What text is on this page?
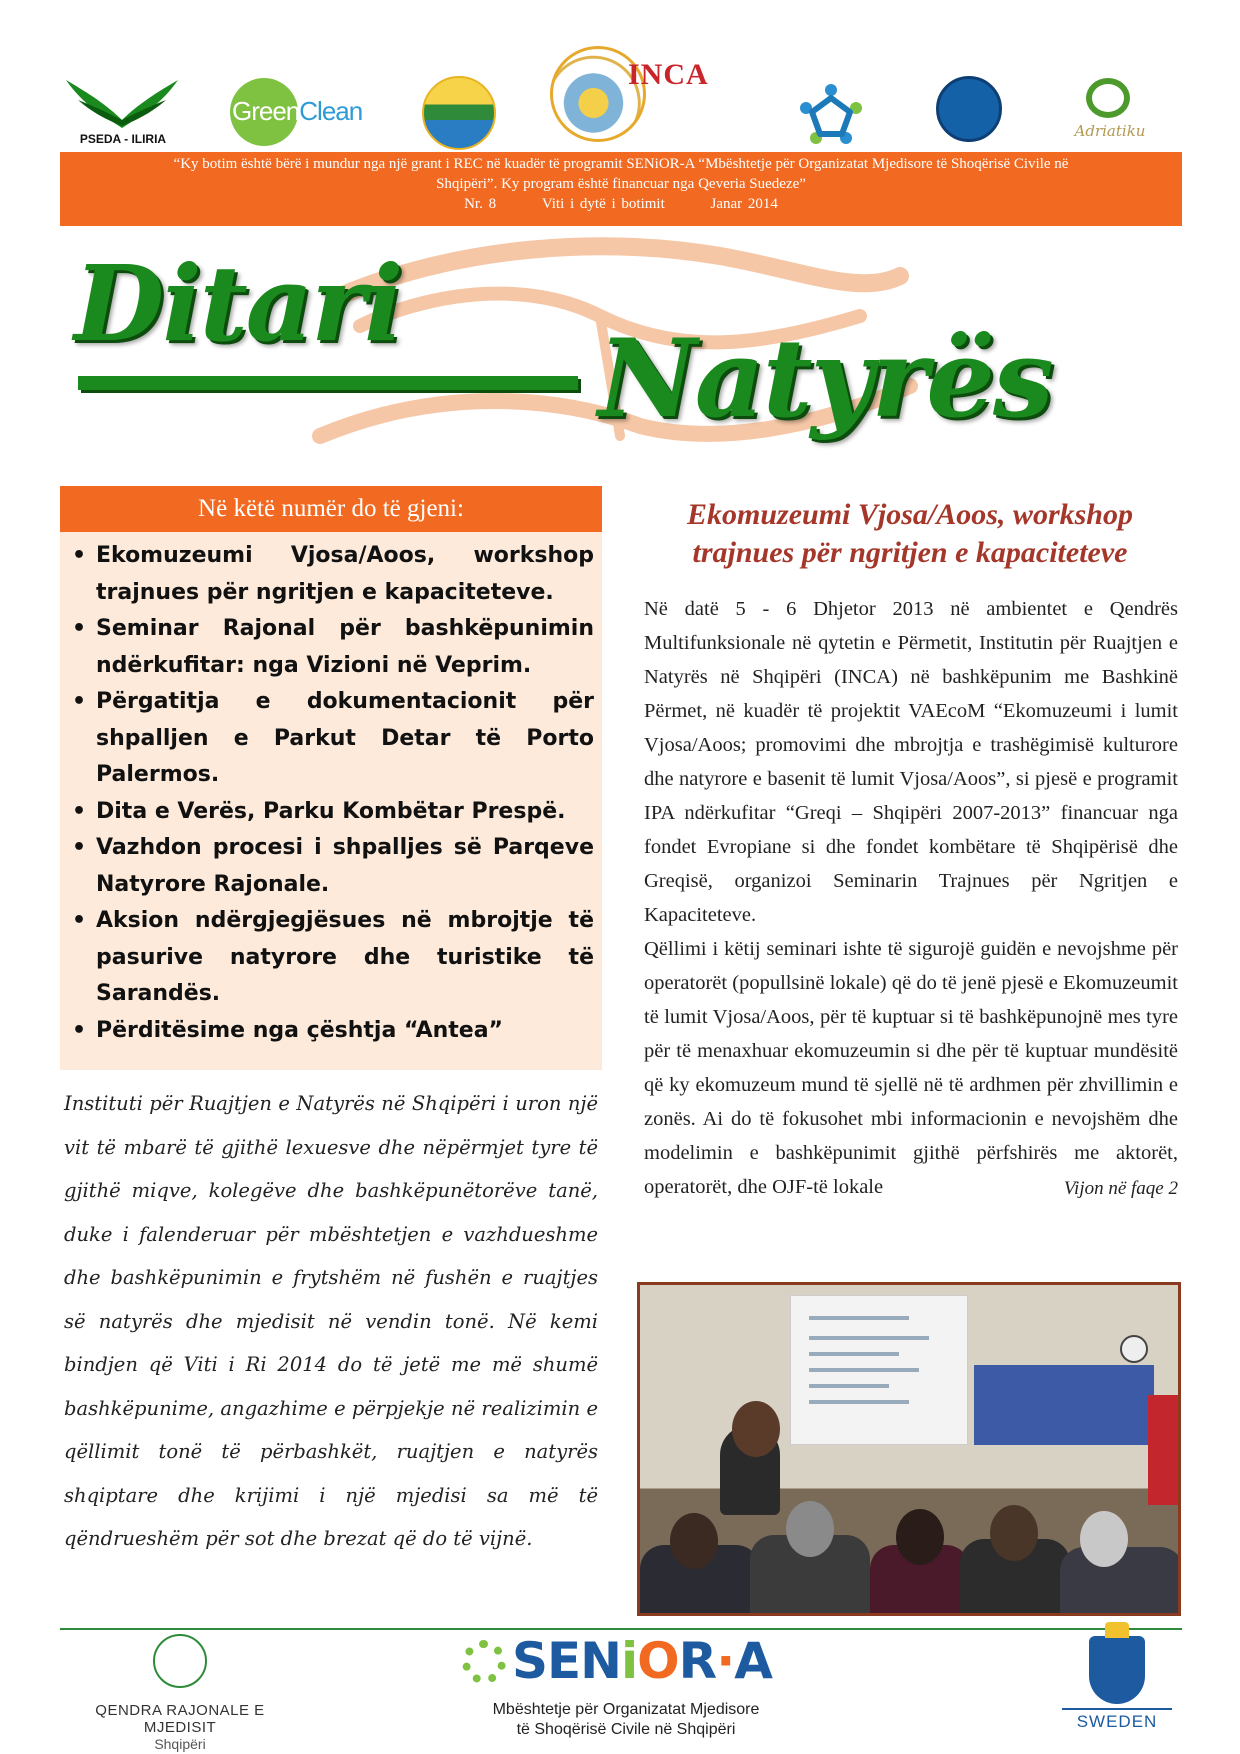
PSEDA - ILIRIA
GreenClean
INCA
Adriatiku
“Ky botim është bërë i mundur nga një grant i REC në kuadër të programit SENiOR-A “Mbështetje për Organizatat Mjedisore të Shoqërisë Civile në
Shqipëri”. Ky program është financuar nga Qeveria Suedeze”
Nr. 8	Viti i dytë i botimit	Janar 2014
Ditari
Natyrës
Në këtë numër do të gjeni:
• Ekomuzeumi Vjosa/Aoos, workshop trajnues për ngritjen e kapaciteteve.
• Seminar Rajonal për bashkëpunimin ndërkufitar: nga Vizioni në Veprim.
• Përgatitja e dokumentacionit për shpalljen e Parkut Detar të Porto Palermos.
• Dita e Verës, Parku Kombëtar Prespë.
• Vazhdon procesi i shpalljes së Parqeve Natyrore Rajonale.
• Aksion ndërgjegjësues në mbrojtje të pasurive natyrore dhe turistike të Sarandës.
• Përditësime nga çështja “Antea”
Instituti për Ruajtjen e Natyrës në Shqipëri i uron një vit të mbarë të gjithë lexuesve dhe nëpërmjet tyre të gjithë miqve, kolegëve dhe bashkëpunëtorëve tanë, duke i falenderuar për mbështetjen e vazhdueshme dhe bashkëpunimin e frytshëm në fushën e ruajtjes së natyrës dhe mjedisit në vendin tonë. Në kemi bindjen që Viti i Ri 2014 do të jetë me më shumë bashkëpunime, angazhime e përpjekje në realizimin e qëllimit tonë të përbashkët, ruajtjen e natyrës shqiptare dhe krijimi i një mjedisi sa më të qëndrueshëm për sot dhe brezat që do të vijnë.
Ekomuzeumi Vjosa/Aoos, workshop trajnues për ngritjen e kapaciteteve

Në datë 5 - 6 Dhjetor 2013 në ambientet e Qendrës Multifunksionale në qytetin e Përmetit, Institutin për Ruajtjen e Natyrës në Shqipëri (INCA) në bashkëpunim me Bashkinë Përmet, në kuadër të projektit VAEcoM “Ekomuzeumi i lumit Vjosa/Aoos; promovimi dhe mbrojtja e trashëgimisë kulturore dhe natyrore e basenit të lumit Vjosa/Aoos”, si pjesë e programit IPA ndërkufitar “Greqi – Shqipëri 2007-2013” financuar nga fondet Evropiane si dhe fondet kombëtare të Shqipërisë dhe Greqisë, organizoi Seminarin Trajnues për Ngritjen e Kapaciteteve.

Qëllimi i këtij seminari ishte të sigurojë guidën e nevojshme për operatorët (popullsinë lokale) që do të jenë pjesë e Ekomuzeumit të lumit Vjosa/Aoos, për të kuptuar si të bashkëpunojnë mes tyre për të menaxhuar ekomuzeumin si dhe për të kuptuar mundësitë që ky ekomuzeum mund të sjellë në të ardhmen për zhvillimin e zonës. Ai do të fokusohet mbi informacionin e nevojshëm dhe modelimin e bashkëpunimit gjithë përfshirës me aktorët, operatorët, dhe OJF-të lokale	Vijon në faqe 2
QENDRA RAJONALE E MJEDISIT
Shqipëri
SENiOR·A
Mbështetje për Organizatat Mjedisore
të Shoqërisë Civile në Shqipëri	SWEDEN
